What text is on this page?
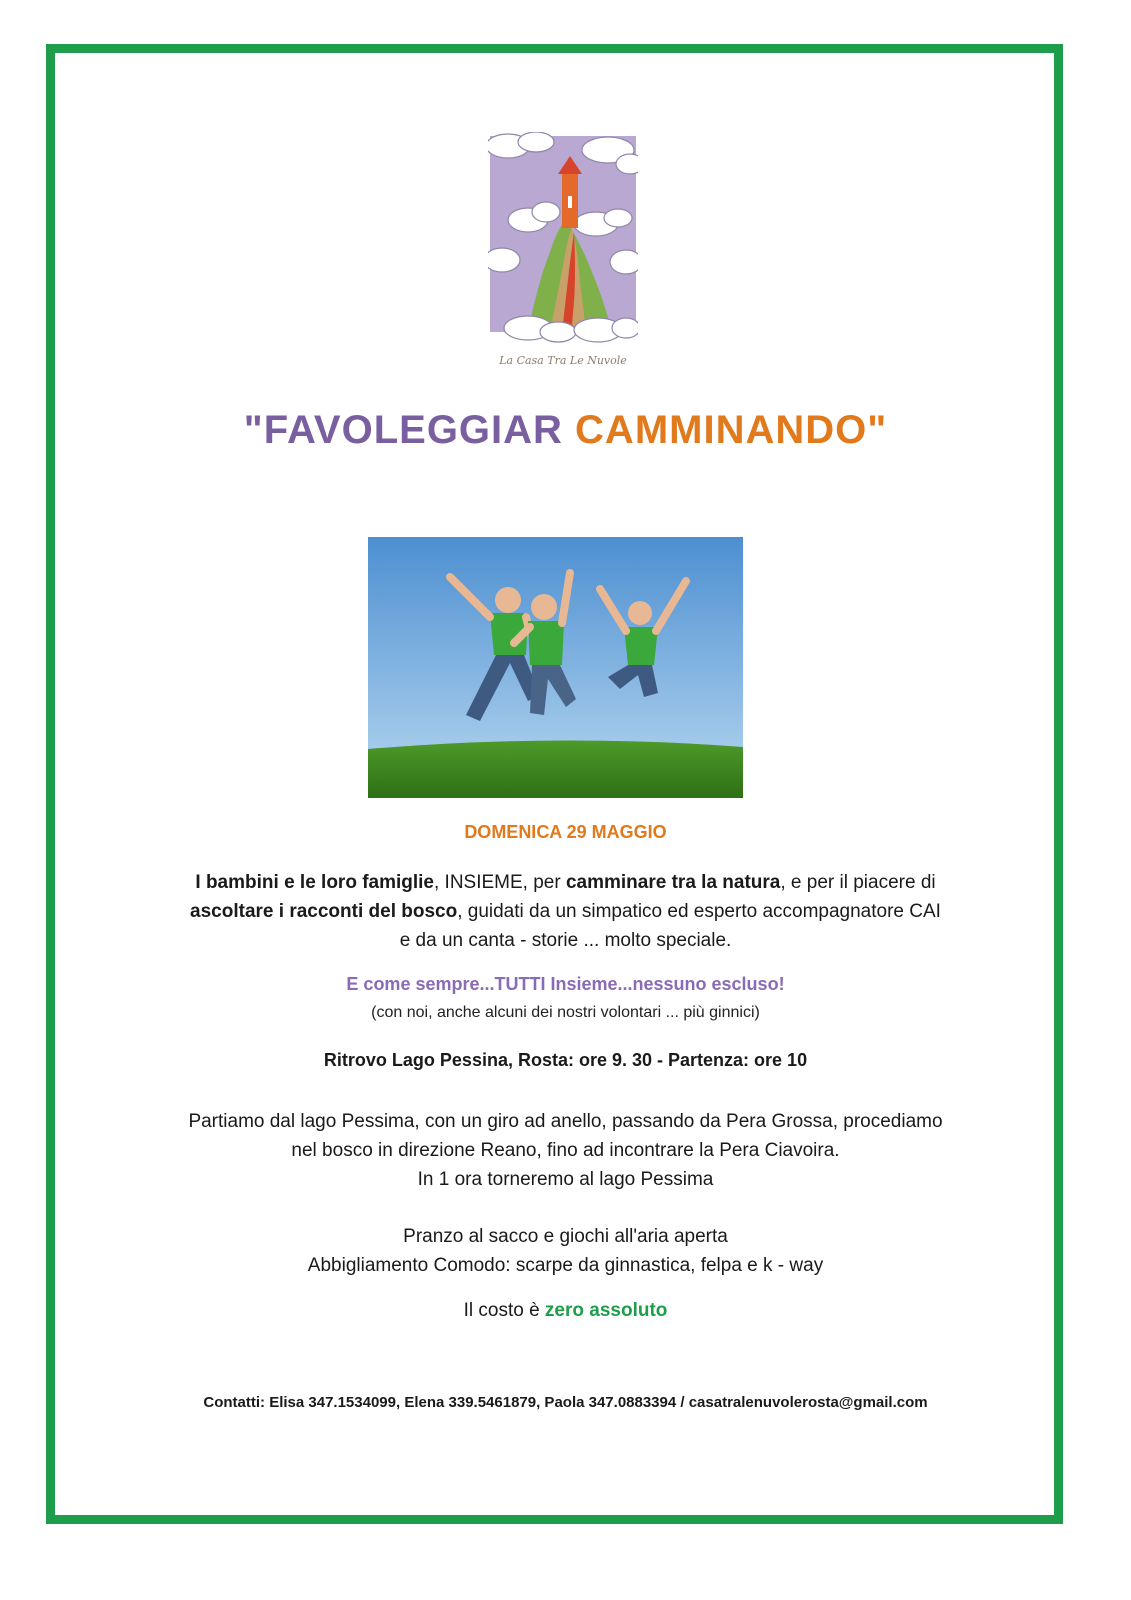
La Casa Tra Le Nuvole
"FAVOLEGGIAR CAMMINANDO"
DOMENICA 29 MAGGIO
I bambini e le loro famiglie, INSIEME, per camminare tra la natura, e per il piacere di
ascoltare i racconti del bosco, guidati da un simpatico ed esperto accompagnatore CAI
e da un canta - storie ... molto speciale.
E come sempre...TUTTI Insieme...nessuno escluso!
(con noi, anche alcuni dei nostri volontari ... più ginnici)
Ritrovo Lago Pessina, Rosta: ore 9. 30 - Partenza: ore 10
Partiamo dal lago Pessima, con un giro ad anello, passando da Pera Grossa, procediamo
nel bosco in direzione Reano, fino ad incontrare la Pera Ciavoira.
In 1 ora torneremo al lago Pessima
Pranzo al sacco e giochi all'aria aperta
Abbigliamento Comodo: scarpe da ginnastica, felpa e k - way
Il costo è zero assoluto
Contatti: Elisa 347.1534099, Elena 339.5461879, Paola 347.0883394 / casatralenuvolerosta@gmail.com
